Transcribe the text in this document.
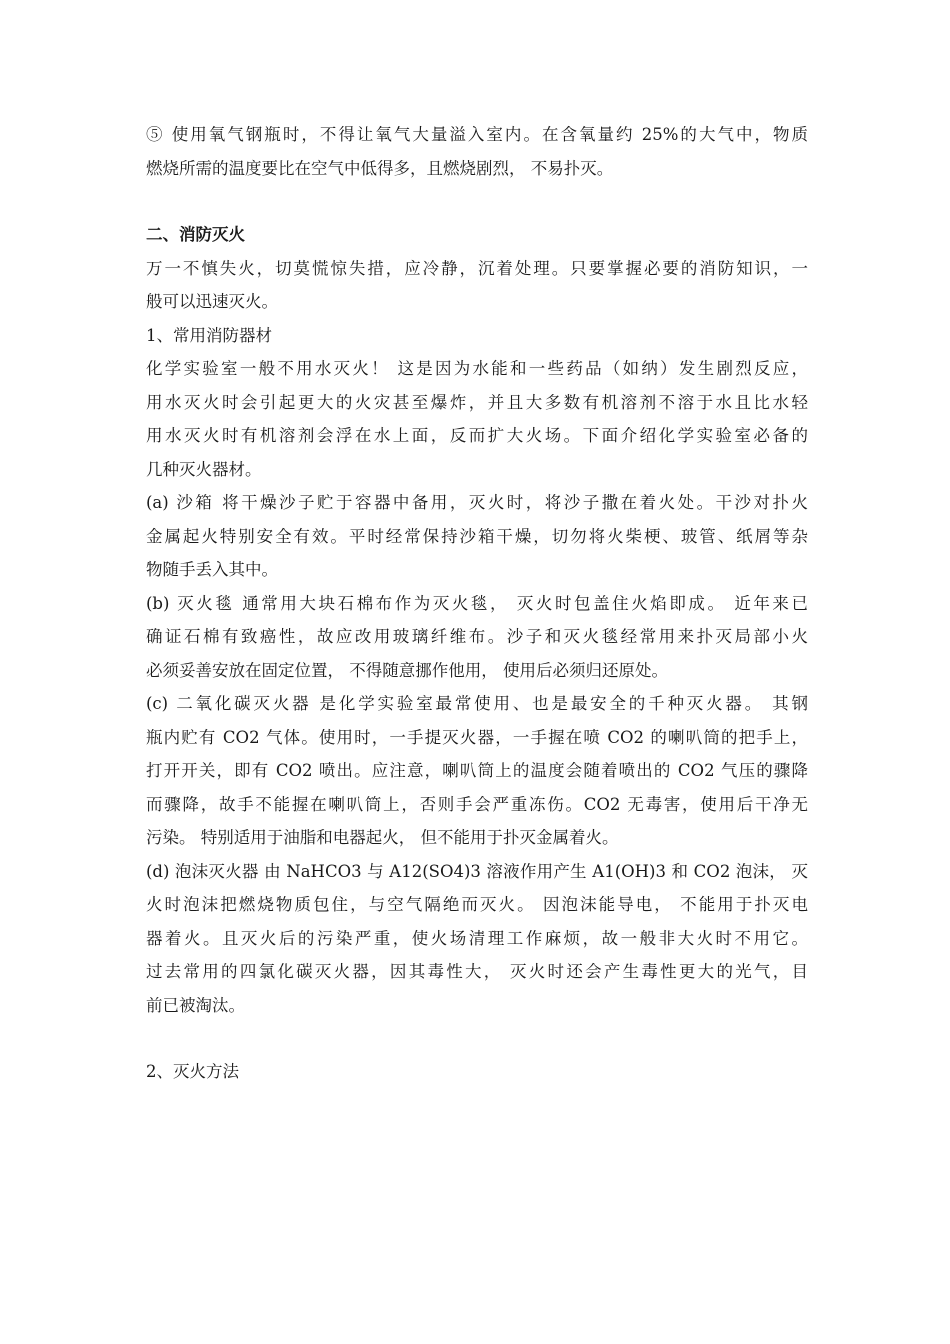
⑤ 使用氧气钢瓶时，不得让氧气大量溢入室内。在含氧量约 25%的大气中，物质
燃烧所需的温度要比在空气中低得多，且燃烧剧烈， 不易扑灭。

二、消防灭火

万一不慎失火，切莫慌惊失措，应冷静，沉着处理。只要掌握必要的消防知识，一
般可以迅速灭火。

1、常用消防器材

化学实验室一般不用水灭火！ 这是因为水能和一些药品（如纳）发生剧烈反应，
用水灭火时会引起更大的火灾甚至爆炸，并且大多数有机溶剂不溶于水且比水轻
用水灭火时有机溶剂会浮在水上面，反而扩大火场。下面介绍化学实验室必备的
几种灭火器材。

(a) 沙箱 将干燥沙子贮于容器中备用，灭火时，将沙子撒在着火处。干沙对扑火
金属起火特别安全有效。平时经常保持沙箱干燥，切勿将火柴梗、玻管、纸屑等杂
物随手丢入其中。

(b) 灭火毯 通常用大块石棉布作为灭火毯， 灭火时包盖住火焰即成。 近年来已
确证石棉有致癌性，故应改用玻璃纤维布。沙子和灭火毯经常用来扑灭局部小火
必须妥善安放在固定位置， 不得随意挪作他用， 使用后必须归还原处。

(c) 二氧化碳灭火器 是化学实验室最常使用、也是最安全的千种灭火器。 其钢
瓶内贮有 CO2 气体。使用时，一手提灭火器，一手握在喷 CO2 的喇叭筒的把手上，
打开开关，即有 CO2 喷出。应注意，喇叭筒上的温度会随着喷出的 CO2 气压的骤降
而骤降，故手不能握在喇叭筒上，否则手会严重冻伤。CO2 无毒害，使用后干净无
污染。 特别适用于油脂和电器起火， 但不能用于扑灭金属着火。

(d) 泡沫灭火器 由 NaHCO3 与 A12(SO4)3 溶液作用产生 A1(OH)3 和 CO2 泡沫， 灭
火时泡沫把燃烧物质包住，与空气隔绝而灭火。 因泡沫能导电， 不能用于扑灭电
器着火。且灭火后的污染严重，使火场清理工作麻烦，故一般非大火时不用它。
过去常用的四氯化碳灭火器，因其毒性大， 灭火时还会产生毒性更大的光气，目
前已被淘汰。

2、灭火方法
